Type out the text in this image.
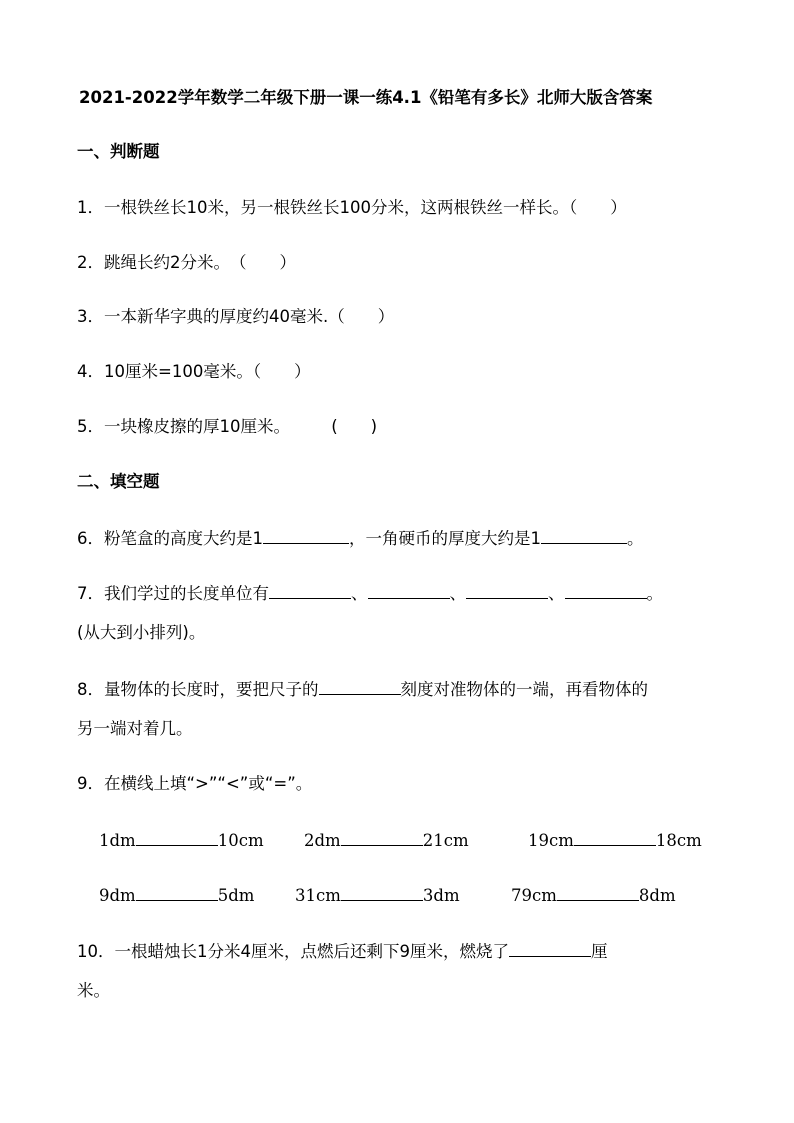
2021-2022学年数学二年级下册一课一练4.1《铅笔有多长》北师大版含答案
一、判断题
1．一根铁丝长10米，另一根铁丝长100分米，这两根铁丝一样长。（　　）
2．跳绳长约2分米。　（　　）
3．一本新华字典的厚度约40毫米.（　　）
4．10厘米=100毫米。（　　）
5．一块橡皮擦的厚10厘米。　　　(　　)
二、填空题
6．粉笔盒的高度大约是1	，一角硬币的厚度大约是1	。
7．我们学过的长度单位有	、	、	、	。
(从大到小排列)。
8．量物体的长度时，要把尺子的	刻度对准物体的一端，再看物体的
另一端对着几。
9．在横线上填“>”“<”或“=”。
1dm	10cm 2dm	21cm	19cm	18cm
9dm	5dm 31cm	3dm	79cm	8dm
10．一根蜡烛长1分米4厘米，点燃后还剩下9厘米，燃烧了	厘
米。
